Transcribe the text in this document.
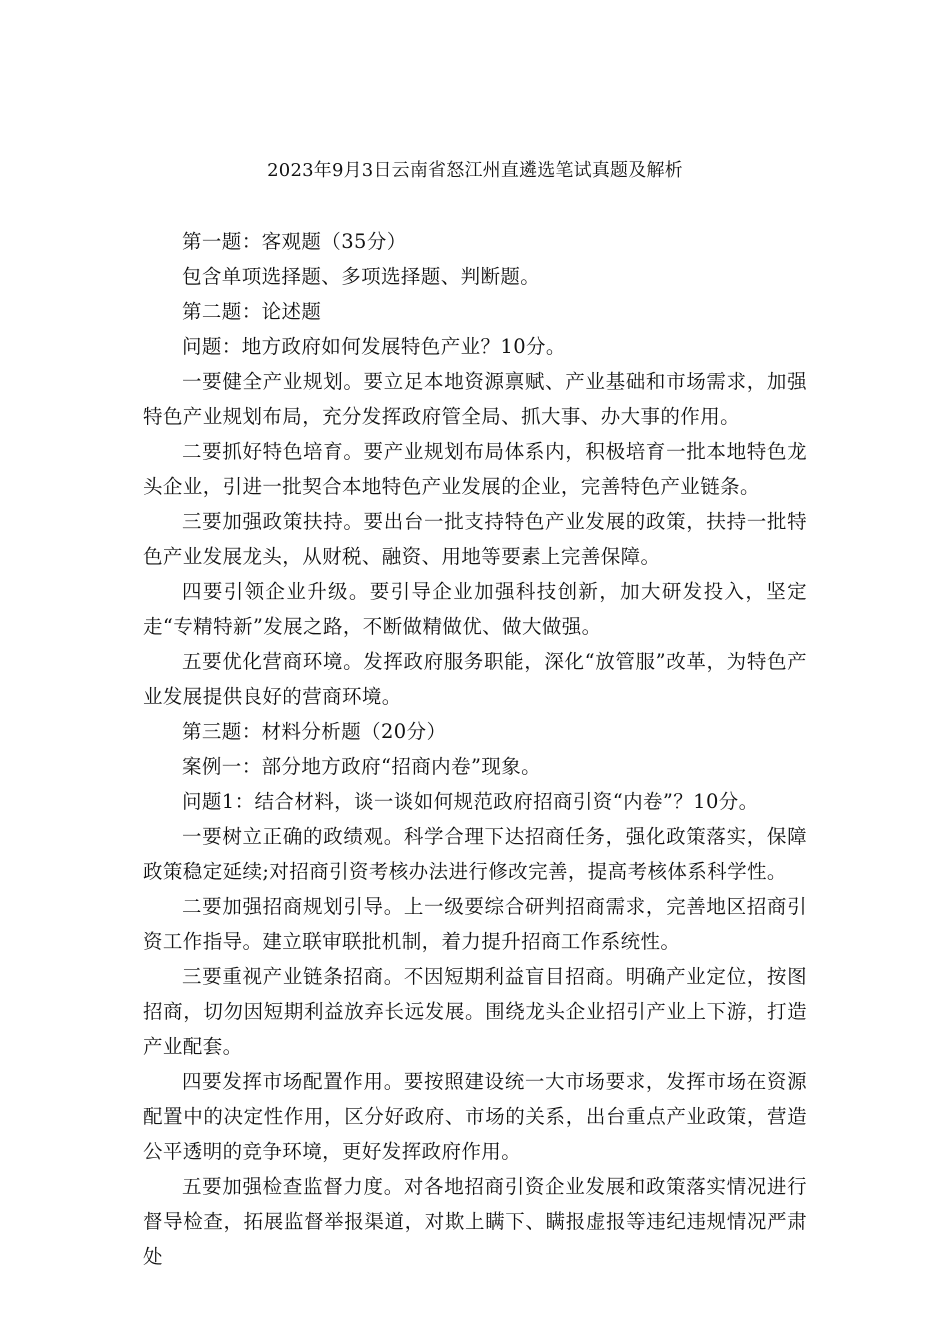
2023年9月3日云南省怒江州直遴选笔试真题及解析

第一题：客观题（35分）

包含单项选择题、多项选择题、判断题。

第二题：论述题

问题：地方政府如何发展特色产业？10分。

一要健全产业规划。要立足本地资源禀赋、产业基础和市场需求，加强特色产业规划布局，充分发挥政府管全局、抓大事、办大事的作用。

二要抓好特色培育。要产业规划布局体系内，积极培育一批本地特色龙头企业，引进一批契合本地特色产业发展的企业，完善特色产业链条。

三要加强政策扶持。要出台一批支持特色产业发展的政策，扶持一批特色产业发展龙头，从财税、融资、用地等要素上完善保障。

四要引领企业升级。要引导企业加强科技创新，加大研发投入，坚定走“专精特新”发展之路，不断做精做优、做大做强。

五要优化营商环境。发挥政府服务职能，深化“放管服”改革，为特色产业发展提供良好的营商环境。

第三题：材料分析题（20分）

案例一：部分地方政府“招商内卷”现象。

问题1：结合材料，谈一谈如何规范政府招商引资“内卷”？10分。

一要树立正确的政绩观。科学合理下达招商任务，强化政策落实，保障政策稳定延续;对招商引资考核办法进行修改完善，提高考核体系科学性。

二要加强招商规划引导。上一级要综合研判招商需求，完善地区招商引资工作指导。建立联审联批机制，着力提升招商工作系统性。

三要重视产业链条招商。不因短期利益盲目招商。明确产业定位，按图招商，切勿因短期利益放弃长远发展。围绕龙头企业招引产业上下游，打造产业配套。

四要发挥市场配置作用。要按照建设统一大市场要求，发挥市场在资源配置中的决定性作用，区分好政府、市场的关系，出台重点产业政策，营造公平透明的竞争环境，更好发挥政府作用。

五要加强检查监督力度。对各地招商引资企业发展和政策落实情况进行督导检查，拓展监督举报渠道，对欺上瞒下、瞒报虚报等违纪违规情况严肃处
